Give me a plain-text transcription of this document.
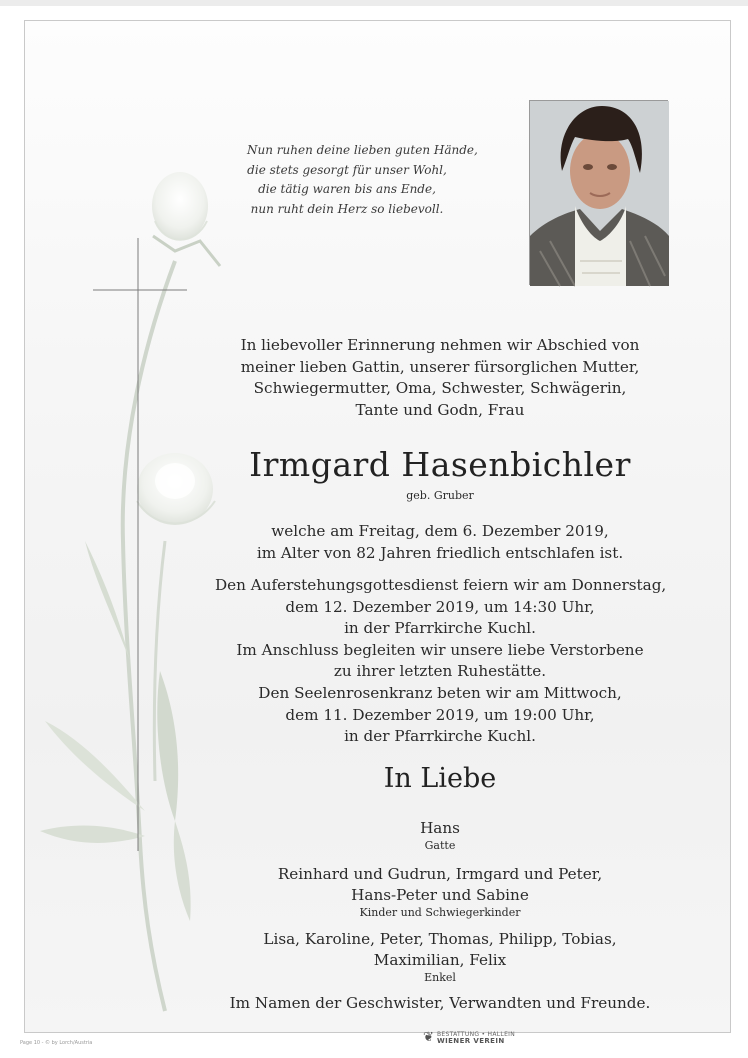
Nun ruhen deine lieben guten Hände,
die stets gesorgt für unser Wohl,
die tätig waren bis ans Ende,
nun ruht dein Herz so liebevoll.
In liebevoller Erinnerung nehmen wir Abschied von
meiner lieben Gattin, unserer fürsorglichen Mutter,
Schwiegermutter, Oma, Schwester, Schwägerin,
Tante und Godn, Frau
Irmgard Hasenbichler
geb. Gruber
welche am Freitag, dem 6. Dezember 2019,
im Alter von 82 Jahren friedlich entschlafen ist.
Den Auferstehungsgottesdienst feiern wir am Donnerstag,
dem 12. Dezember 2019, um 14:30 Uhr,
in der Pfarrkirche Kuchl.
Im Anschluss begleiten wir unsere liebe Verstorbene
zu ihrer letzten Ruhestätte.
Den Seelenrosenkranz beten wir am Mittwoch,
dem 11. Dezember 2019, um 19:00 Uhr,
in der Pfarrkirche Kuchl.
In Liebe
Hans
Gatte
Reinhard und Gudrun, Irmgard und Peter,
Hans-Peter und Sabine
Kinder und Schwiegerkinder
Lisa, Karoline, Peter, Thomas, Philipp, Tobias,
Maximilian, Felix
Enkel
Im Namen der Geschwister, Verwandten und Freunde.
❦ BESTATTUNG • HALLEIN
WIENER VEREIN
Page 10 - © by Lorch/Austria
